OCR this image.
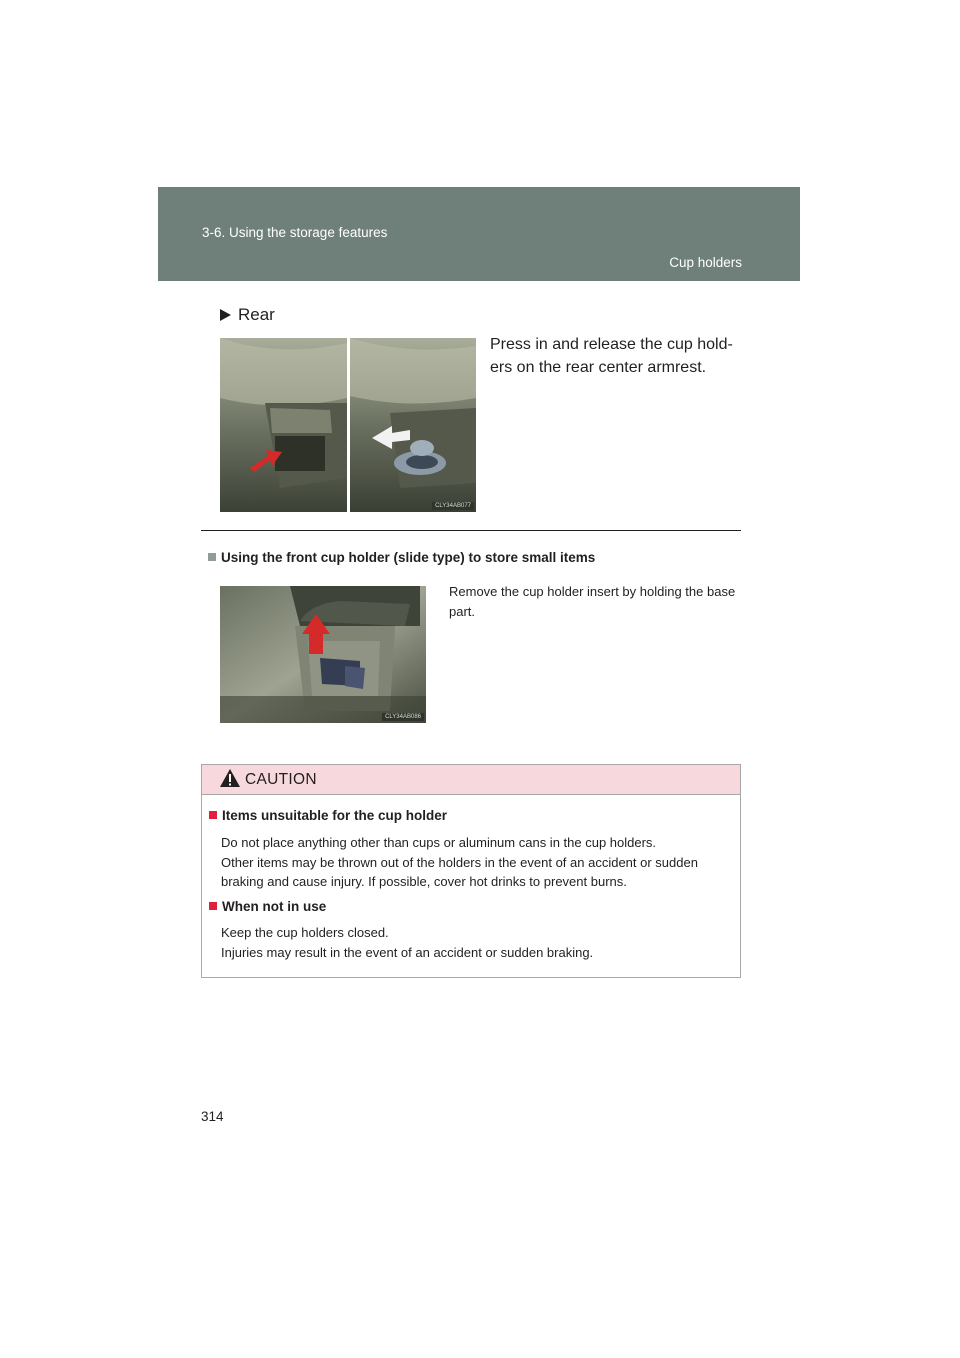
3-6. Using the storage features
Cup holders
Rear
CLY34AB077
Press in and release the cup hold-ers on the rear center armrest.
Using the front cup holder (slide type) to store small items
CLY34AB086
Remove the cup holder insert by holding the base part.
CAUTION
Items unsuitable for the cup holder
Do not place anything other than cups or aluminum cans in the cup holders.
Other items may be thrown out of the holders in the event of an accident or sudden
braking and cause injury. If possible, cover hot drinks to prevent burns.
When not in use
Keep the cup holders closed.
Injuries may result in the event of an accident or sudden braking.
314
